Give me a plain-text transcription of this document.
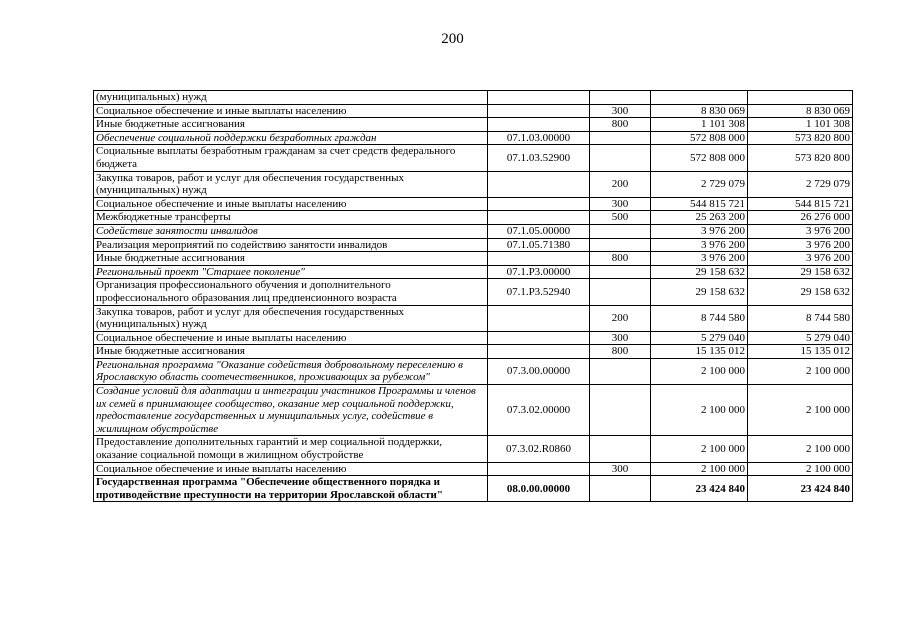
200
(муниципальных) нужд				
Социальное обеспечение и иные выплаты населению		300	8 830 069	8 830 069
Иные бюджетные ассигнования		800	1 101 308	1 101 308
Обеспечение социальной поддержки безработных граждан	07.1.03.00000		572 808 000	573 820 800
Социальные выплаты безработным гражданам за счет средств федерального бюджета	07.1.03.52900		572 808 000	573 820 800
Закупка товаров, работ и услуг для обеспечения государственных (муниципальных) нужд		200	2 729 079	2 729 079
Социальное обеспечение и иные выплаты населению		300	544 815 721	544 815 721
Межбюджетные трансферты		500	25 263 200	26 276 000
Содействие занятости инвалидов	07.1.05.00000		3 976 200	3 976 200
Реализация мероприятий по содействию занятости инвалидов	07.1.05.71380		3 976 200	3 976 200
Иные бюджетные ассигнования		800	3 976 200	3 976 200
Региональный проект "Старшее поколение"	07.1.P3.00000		29 158 632	29 158 632
Организация профессионального обучения и дополнительного профессионального образования лиц предпенсионного возраста	07.1.P3.52940		29 158 632	29 158 632
Закупка товаров, работ и услуг для обеспечения государственных (муниципальных) нужд		200	8 744 580	8 744 580
Социальное обеспечение и иные выплаты населению		300	5 279 040	5 279 040
Иные бюджетные ассигнования		800	15 135 012	15 135 012
Региональная программа "Оказание содействия добровольному переселению в Ярославскую область соотечественников, проживающих за рубежом"	07.3.00.00000		2 100 000	2 100 000
Создание условий для адаптации и интеграции участников Программы и членов их семей в принимающее сообщество, оказание мер социальной поддержки, предоставление государственных и муниципальных услуг, содействие в жилищном обустройстве	07.3.02.00000		2 100 000	2 100 000
Предоставление дополнительных гарантий и мер социальной поддержки, оказание социальной помощи в жилищном обустройстве	07.3.02.R0860		2 100 000	2 100 000
Социальное обеспечение и иные выплаты населению		300	2 100 000	2 100 000
Государственная программа "Обеспечение общественного порядка и противодействие преступности на территории Ярославской области"	08.0.00.00000		23 424 840	23 424 840
